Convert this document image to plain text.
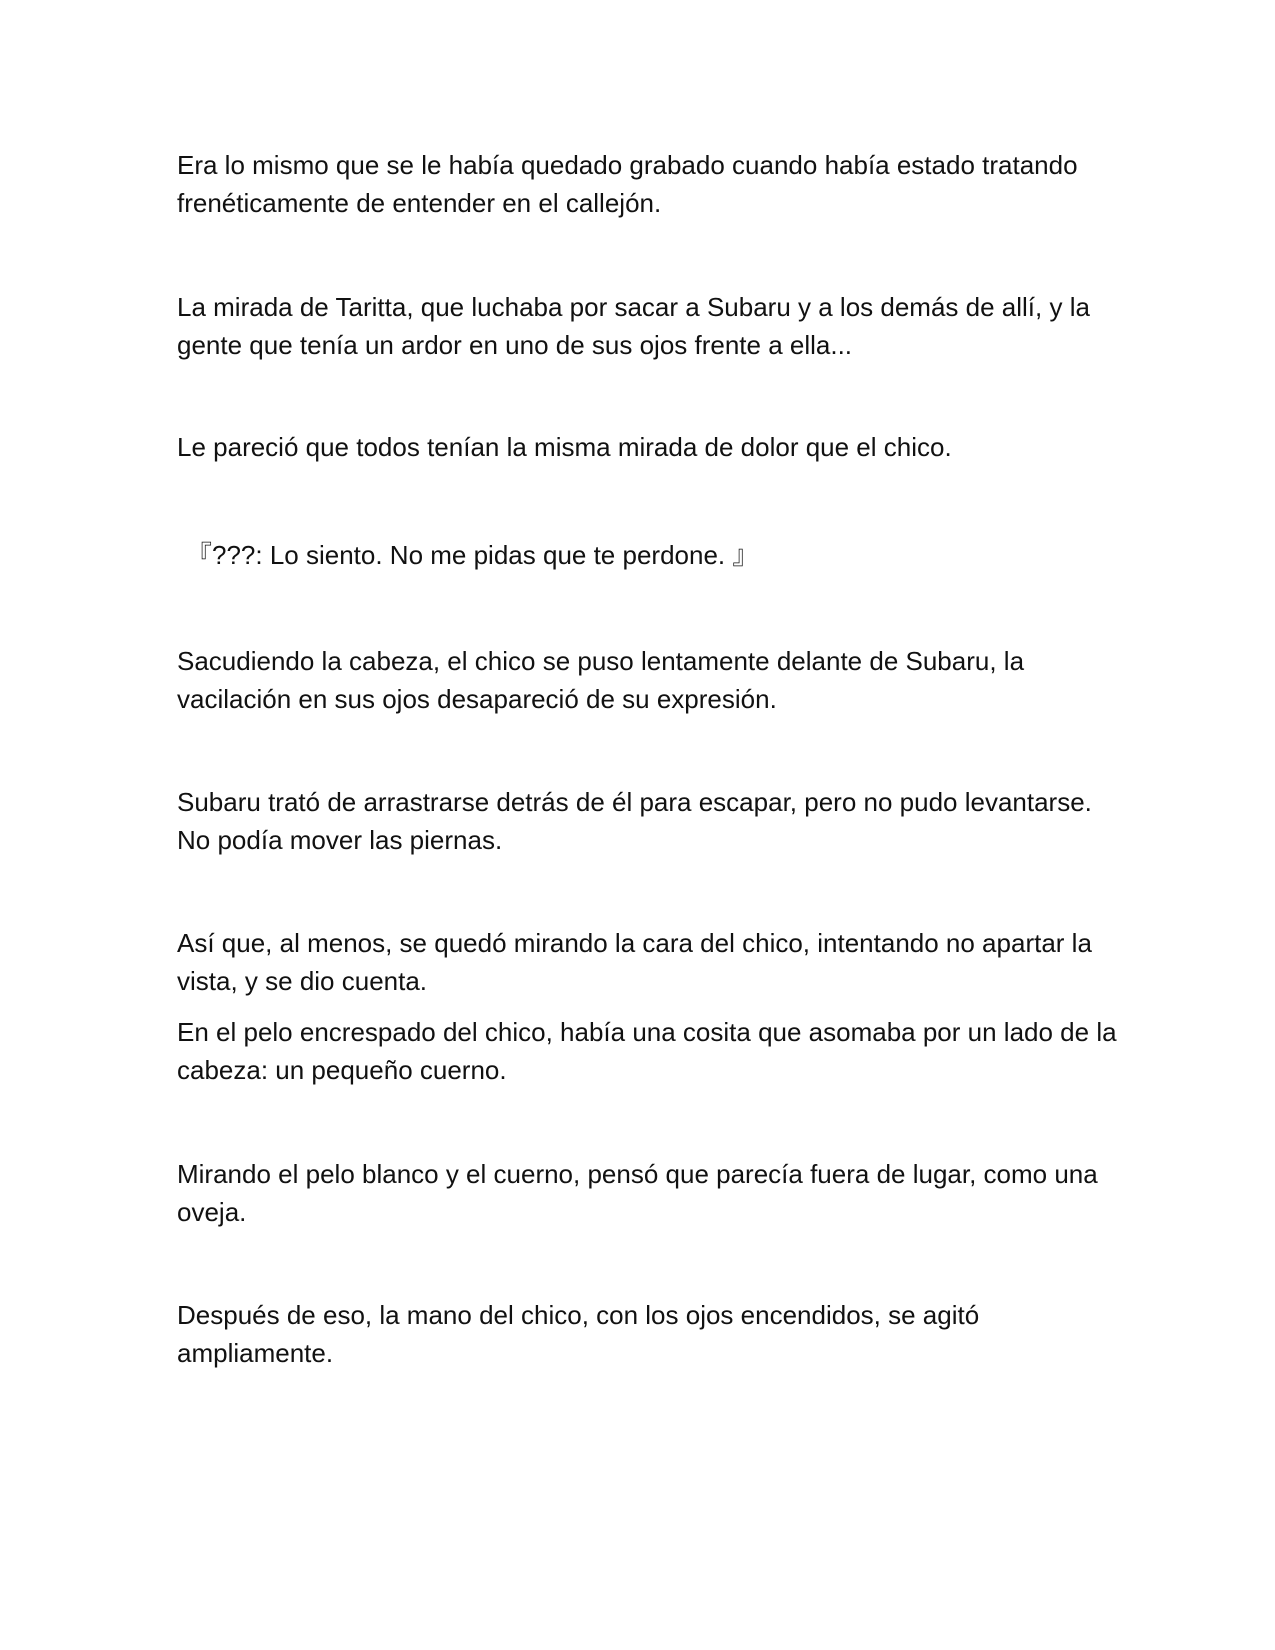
Era lo mismo que se le había quedado grabado cuando había estado tratando frenéticamente de entender en el callejón.

La mirada de Taritta, que luchaba por sacar a Subaru y a los demás de allí, y la gente que tenía un ardor en uno de sus ojos frente a ella...

Le pareció que todos tenían la misma mirada de dolor que el chico.

『???: Lo siento. No me pidas que te perdone. 』

Sacudiendo la cabeza, el chico se puso lentamente delante de Subaru, la vacilación en sus ojos desapareció de su expresión.

Subaru trató de arrastrarse detrás de él para escapar, pero no pudo levantarse. No podía mover las piernas.

Así que, al menos, se quedó mirando la cara del chico, intentando no apartar la vista, y se dio cuenta.

En el pelo encrespado del chico, había una cosita que asomaba por un lado de la cabeza: un pequeño cuerno.

Mirando el pelo blanco y el cuerno, pensó que parecía fuera de lugar, como una oveja.

Después de eso, la mano del chico, con los ojos encendidos, se agitó ampliamente.
